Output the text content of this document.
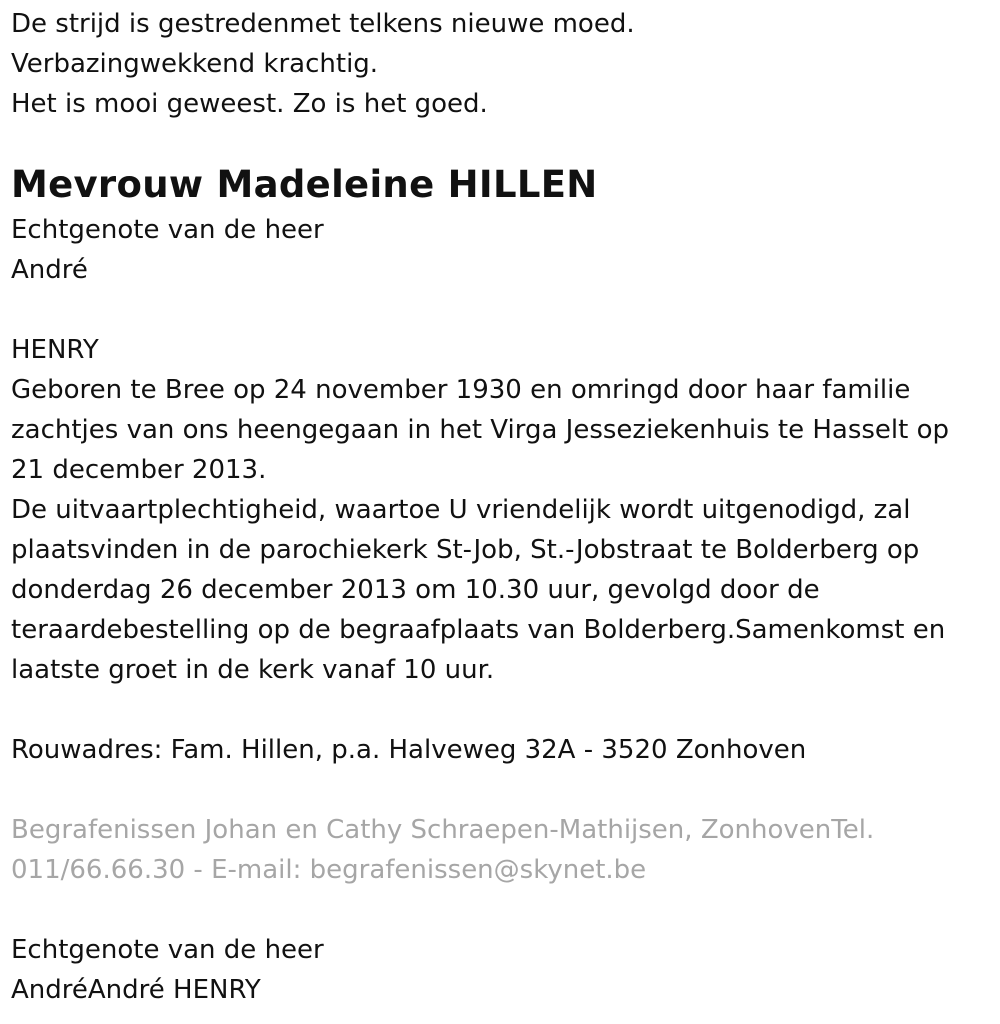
De strijd is gestredenmet telkens nieuwe moed.

Verbazingwekkend krachtig.

Het is mooi geweest. Zo is het goed.

Mevrouw Madeleine HILLEN

Echtgenote van de heer

André

HENRY

Geboren te Bree op 24 november 1930 en omringd door haar familie

zachtjes van ons heengegaan in het Virga Jesseziekenhuis te Hasselt op

21 december 2013.

De uitvaartplechtigheid, waartoe U vriendelijk wordt uitgenodigd, zal

plaatsvinden in de parochiekerk St-Job, St.-Jobstraat te Bolderberg op

donderdag 26 december 2013 om 10.30 uur, gevolgd door de

teraardebestelling op de begraafplaats van Bolderberg.Samenkomst en

laatste groet in de kerk vanaf 10 uur.

Rouwadres: Fam. Hillen, p.a. Halveweg 32A - 3520 Zonhoven

Begrafenissen Johan en Cathy Schraepen-Mathijsen, ZonhovenTel.

011/66.66.30 - E-mail: begrafenissen@skynet.be

Echtgenote van de heer

AndréAndré HENRY
